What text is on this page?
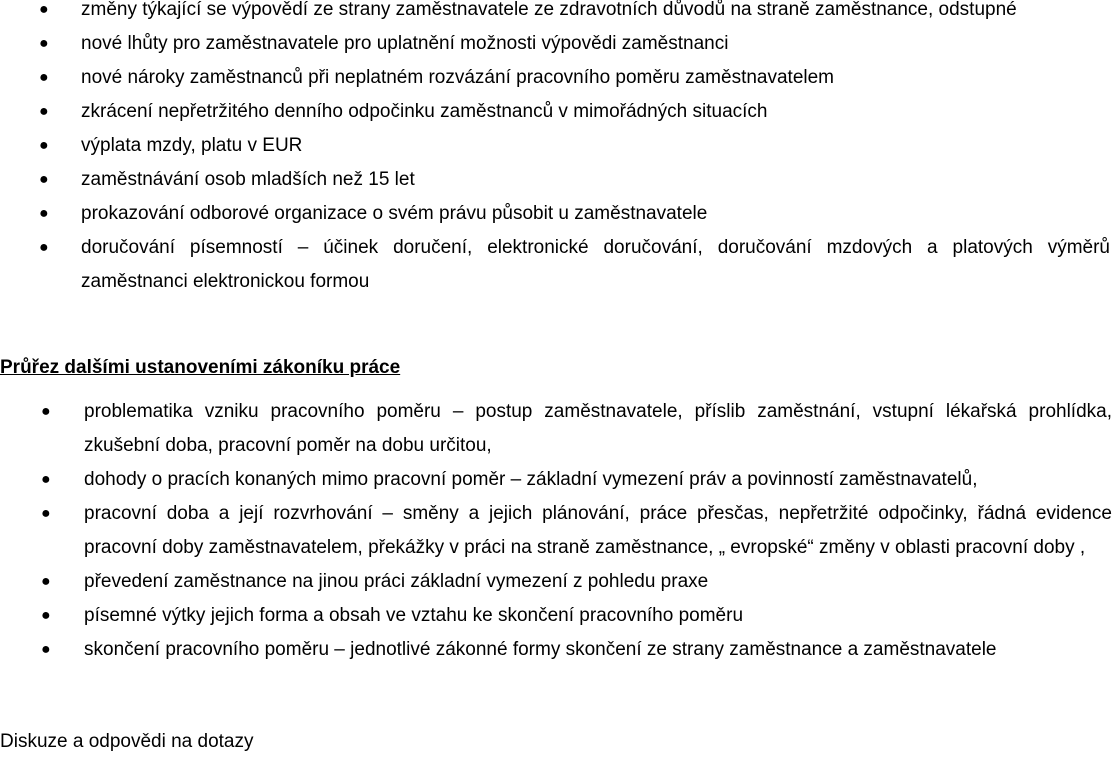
●	změny týkající se výpovědí ze strany zaměstnavatele ze zdravotních důvodů na straně zaměstnance, odstupné
●	nové lhůty pro zaměstnavatele pro uplatnění možnosti výpovědi zaměstnanci
●	nové nároky zaměstnanců při neplatném rozvázání pracovního poměru zaměstnavatelem
●	zkrácení nepřetržitého denního odpočinku zaměstnanců v mimořádných situacích
●	výplata mzdy, platu v EUR
●	zaměstnávání osob mladších než 15 let
●	prokazování odborové organizace o svém právu působit u zaměstnavatele
●	doručování písemností – účinek doručení, elektronické doručování, doručování mzdových a platových výměrů zaměstnanci elektronickou formou

Průřez dalšími ustanoveními zákoníku práce

●	problematika vzniku pracovního poměru – postup zaměstnavatele, příslib zaměstnání, vstupní lékařská prohlídka, zkušební doba, pracovní poměr na dobu určitou,
●	dohody o pracích konaných mimo pracovní poměr – základní vymezení práv a povinností zaměstnavatelů,
●	pracovní doba a její rozvrhování – směny a jejich plánování, práce přesčas, nepřetržité odpočinky, řádná evidence pracovní doby zaměstnavatelem, překážky v práci na straně zaměstnance, „ evropské“ změny v oblasti pracovní doby ,
●	převedení zaměstnance na jinou práci základní vymezení z pohledu praxe
●	písemné výtky jejich forma a obsah ve vztahu ke skončení pracovního poměru
●	skončení pracovního poměru – jednotlivé zákonné formy skončení ze strany zaměstnance a zaměstnavatele

Diskuze a odpovědi na dotazy
